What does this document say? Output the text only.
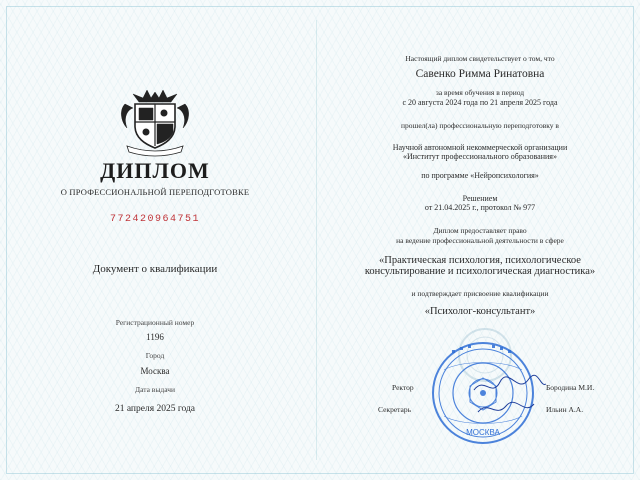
ДИПЛОМ
О ПРОФЕССИОНАЛЬНОЙ ПЕРЕПОДГОТОВКЕ
772420964751
Документ о квалификации
Регистрационный номер
1196
Город
Москва
Дата выдачи
21 апреля 2025 года
Настоящий диплом свидетельствует о том, что
Савенко Римма Ринатовна
за время обучения в период
с 20 августа 2024 года по 21 апреля 2025 года
прошел(ла) профессиональную переподготовку в
Научной автономной некоммерческой организации
«Институт профессионального образования»
по программе «Нейропсихология»
Решением
от 21.04.2025 г., протокол № 977
Диплом предоставляет право
на ведение профессиональной деятельности в сфере
«Практическая психология, психологическое
консультирование и психологическая диагностика»
и подтверждает присвоение квалификации
«Психолог-консультант»
Ректор	Бородина М.И.
Секретарь	Ильин А.А.
МОСКВА
